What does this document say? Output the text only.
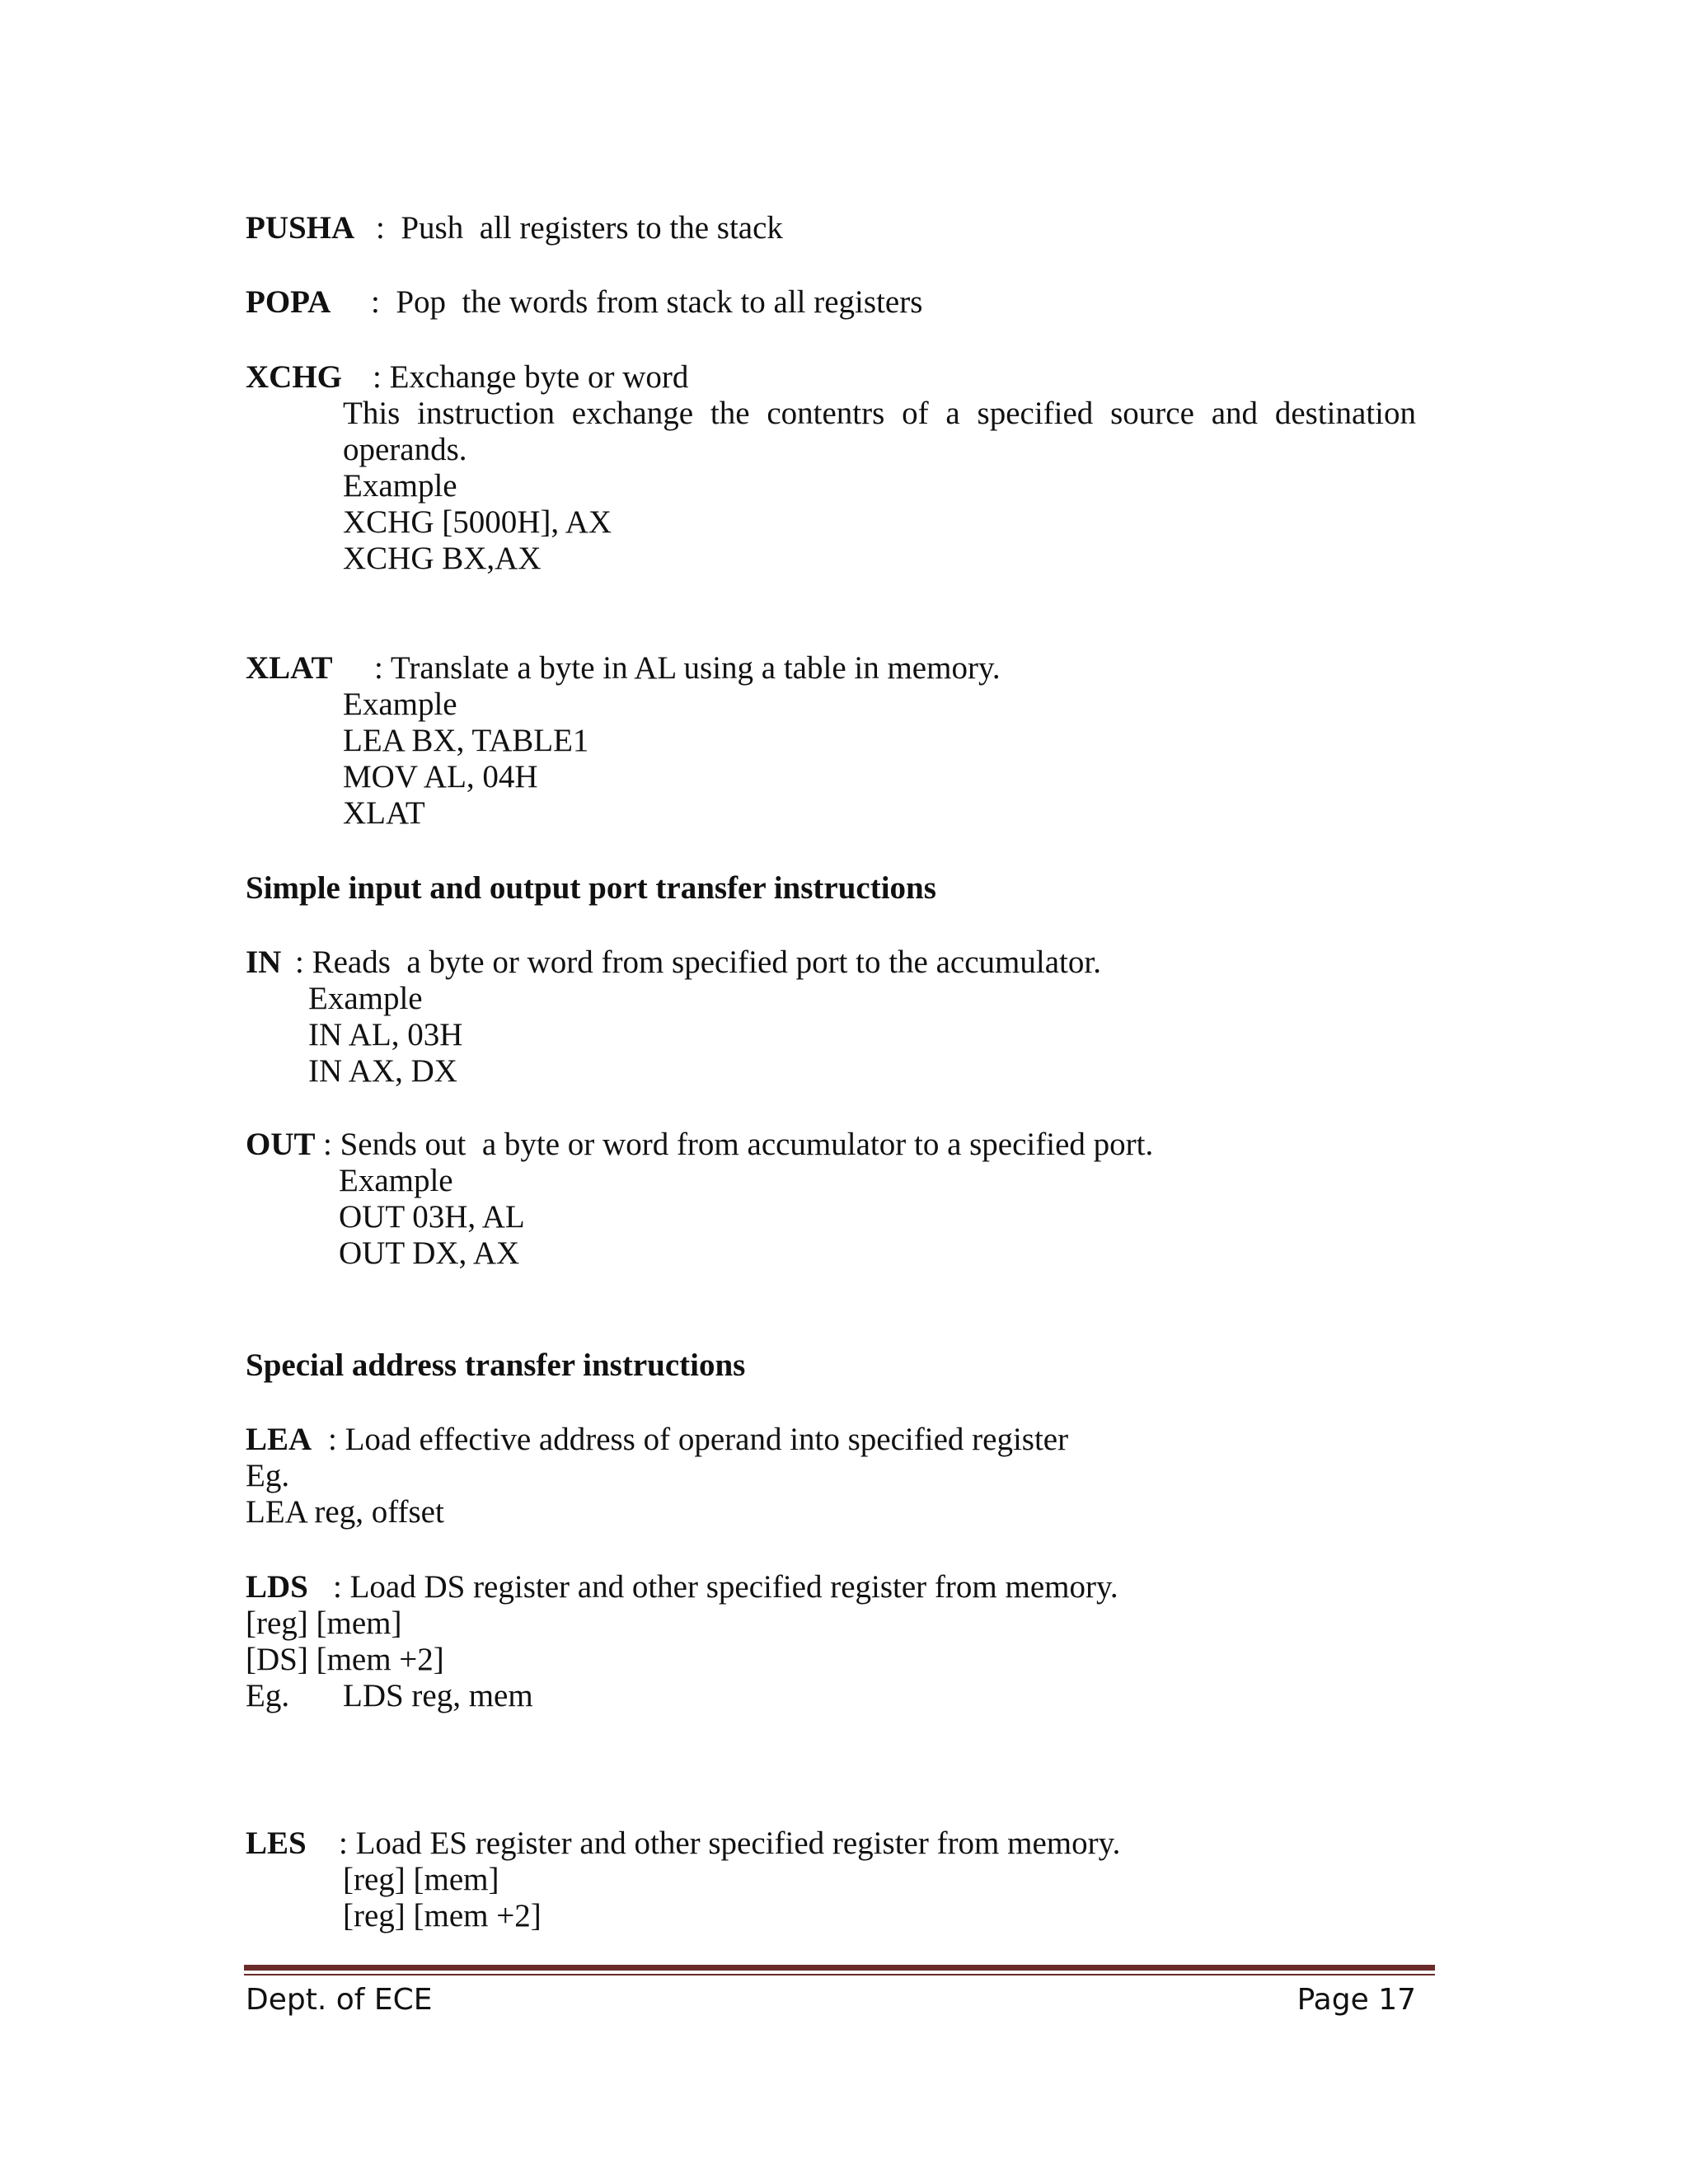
PUSHA :  Push  all registers to the stack
POPA :  Pop  the words from stack to all registers
XCHG : Exchange byte or word
This instruction exchange the contentrs of a specified source and destination
operands.
Example
XCHG [5000H], AX
XCHG BX,AX
XLAT : Translate a byte in AL using a table in memory.
Example
LEA BX, TABLE1
MOV AL, 04H
XLAT
Simple input and output port transfer instructions
IN : Reads  a byte or word from specified port to the accumulator.
Example
IN AL, 03H
IN AX, DX
OUT : Sends out  a byte or word from accumulator to a specified port.
Example
OUT 03H, AL
OUT DX, AX
Special address transfer instructions
LEA : Load effective address of operand into specified register
Eg.
LEA reg, offset
LDS : Load DS register and other specified register from memory.
[reg] [mem]
[DS] [mem +2]
Eg. LDS reg, mem
LES : Load ES register and other specified register from memory.
[reg] [mem]
[reg] [mem +2]
Dept. of ECE	Page 17
